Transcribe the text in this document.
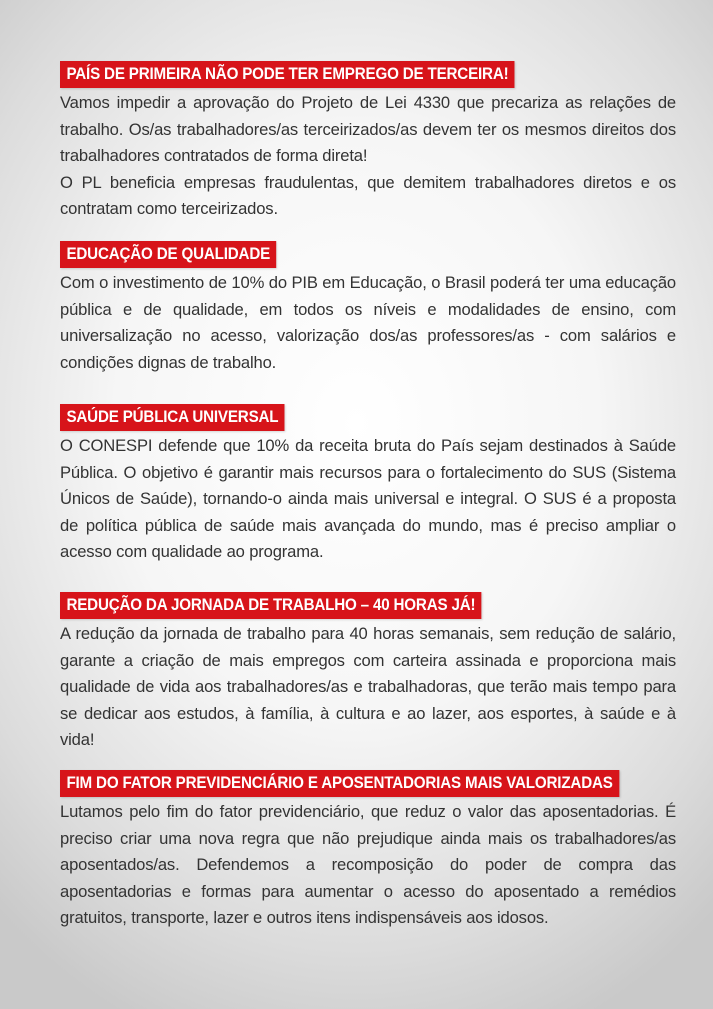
PAÍS DE PRIMEIRA NÃO PODE TER EMPREGO DE TERCEIRA!

Vamos impedir a aprovação do Projeto de Lei 4330 que precariza as relações de trabalho. Os/as trabalhadores/as terceirizados/as devem ter os mesmos direitos dos trabalhadores contratados de forma direta!

O PL beneficia empresas fraudulentas, que demitem trabalhadores diretos e os contratam como terceirizados.

EDUCAÇÃO DE QUALIDADE

Com o investimento de 10% do PIB em Educação, o Brasil poderá ter uma educação pública e de qualidade, em todos os níveis e modalidades de ensino, com universalização no acesso, valorização dos/as professores/as - com salários e condições dignas de trabalho.

SAÚDE PÚBLICA UNIVERSAL

O CONESPI defende que 10% da receita bruta do País sejam destinados à Saúde Pública. O objetivo é garantir mais recursos para o fortalecimento do SUS (Sistema Únicos de Saúde), tornando-o ainda mais universal e integral. O SUS é a proposta de política pública de saúde mais avançada do mundo, mas é preciso ampliar o acesso com qualidade ao programa.

REDUÇÃO DA JORNADA DE TRABALHO – 40 HORAS JÁ!

A redução da jornada de trabalho para 40 horas semanais, sem redução de salário, garante a criação de mais empregos com carteira assinada e proporciona mais qualidade de vida aos trabalhadores/as e trabalhadoras, que terão mais tempo para se dedicar aos estudos, à família, à cultura e ao lazer, aos esportes, à saúde e à vida!

FIM DO FATOR PREVIDENCIÁRIO E APOSENTADORIAS MAIS VALORIZADAS

Lutamos pelo fim do fator previdenciário, que reduz o valor das aposentadorias. É preciso criar uma nova regra que não prejudique ainda mais os trabalhadores/as aposentados/as. Defendemos a recomposição do poder de compra das aposentadorias e formas para aumentar o acesso do aposentado a remédios gratuitos, transporte, lazer e outros itens indispensáveis aos idosos.
